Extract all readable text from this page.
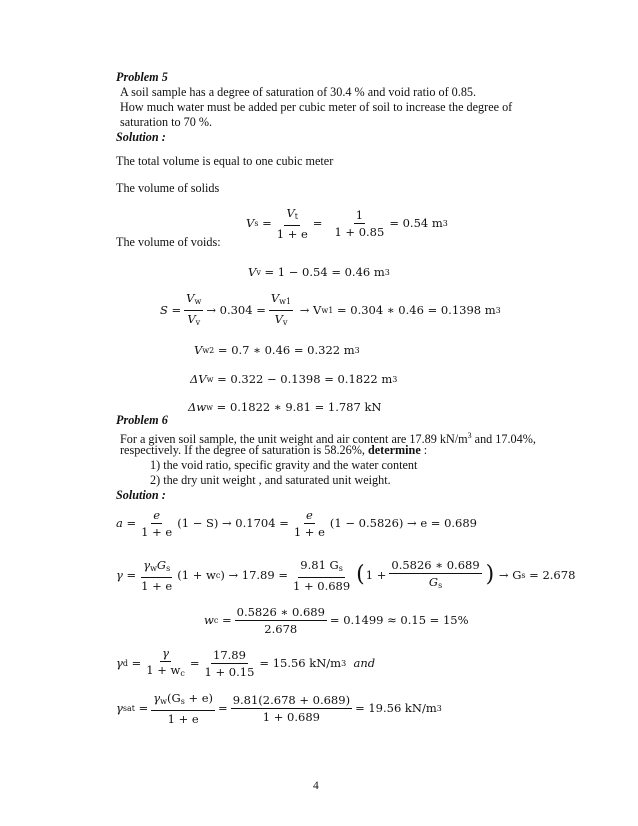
Problem 5
A soil sample has a degree of saturation of 30.4 % and void ratio of 0.85.
How much water must be added per cubic meter of soil to increase the degree of
saturation to 70 %.
Solution :
The total volume is equal to one cubic meter
The volume of solids
V $s = \frac{V_t}{1 + e} = \frac{1}{1 + 0.85} = 0.54$ m 3
The volume of voids:
V v
= 1 − 0.54 = 0.46 m 3
$S = \frac{V_w}{V_v} \to 0.304 = \frac{V_{w1}}{V_v}$
→ V w1
= 0.304 ∗ 0.46 = 0.1398 m 3
V w2
= 0.7 ∗ 0.46 = 0.322 m 3
ΔV w
= 0.322 − 0.1398 = 0.1822 m 3
Δw w
= 0.1822 ∗ 9.81 = 1.787 kN
Problem 6
For a given soil sample, the unit weight and air content are 17.89 $kN/m^3$ and 17.04%,
respectively. If the degree of saturation is 58.26%, determine :
1) the void ratio, specific gravity and the water content
2) the dry unit weight , and saturated unit weight.
Solution :
$a = \frac{e}{1 + e} (1 - S) \to 0.1704 = \frac{e}{1 + e} (1 - 0.5826) \to e = 0.689$
$\gamma = \frac{\gamma_wG_s}{1 + e} (1 + w$ c ) → $17.89 = \frac{9.81 G_s}{1 + 0.689}$ ( $1 + \frac{0.5826 ∗ 0.689}{G_s}$ )
→ G s
= 2.678
w c
= $\frac{0.5826 ∗ 0.689}{2.678} = 0.1499 \approx 0.15 = 15\%$
γ d
= $\frac{\gamma}{1 + w_c} = \frac{17.89}{1 + 0.15} = 15.56$ kN/m 3
and
γ sat
= $\frac{\gamma_w(G_s + e)}{1 + e} = \frac{9.81(2.678 + 0.689)}{1 + 0.689} = 19.56$ kN/m 3
4
